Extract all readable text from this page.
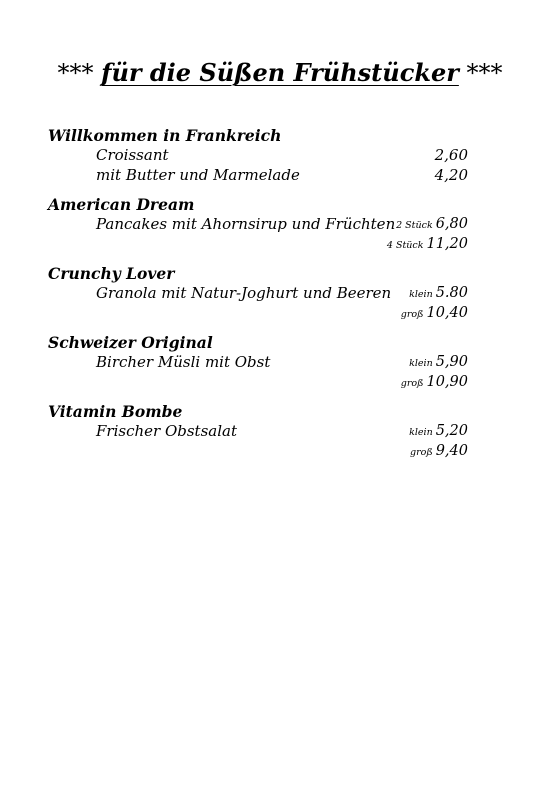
*** für die Süßen Frühstücker ***
Willkommen in Frankreich
Croissant	2,60
mit Butter und Marmelade	4,20
American Dream
Pancakes mit Ahornsirup und Früchten 2 Stück 6,80
4 Stück 11,20
Crunchy Lover
Granola mit Natur-Joghurt und Beeren klein 5.80
groß 10,40
Schweizer Original
Bircher Müsli mit Obst	klein 5,90
groß 10,90
Vitamin Bombe
Frischer Obstsalat	klein 5,20
groß 9,40
